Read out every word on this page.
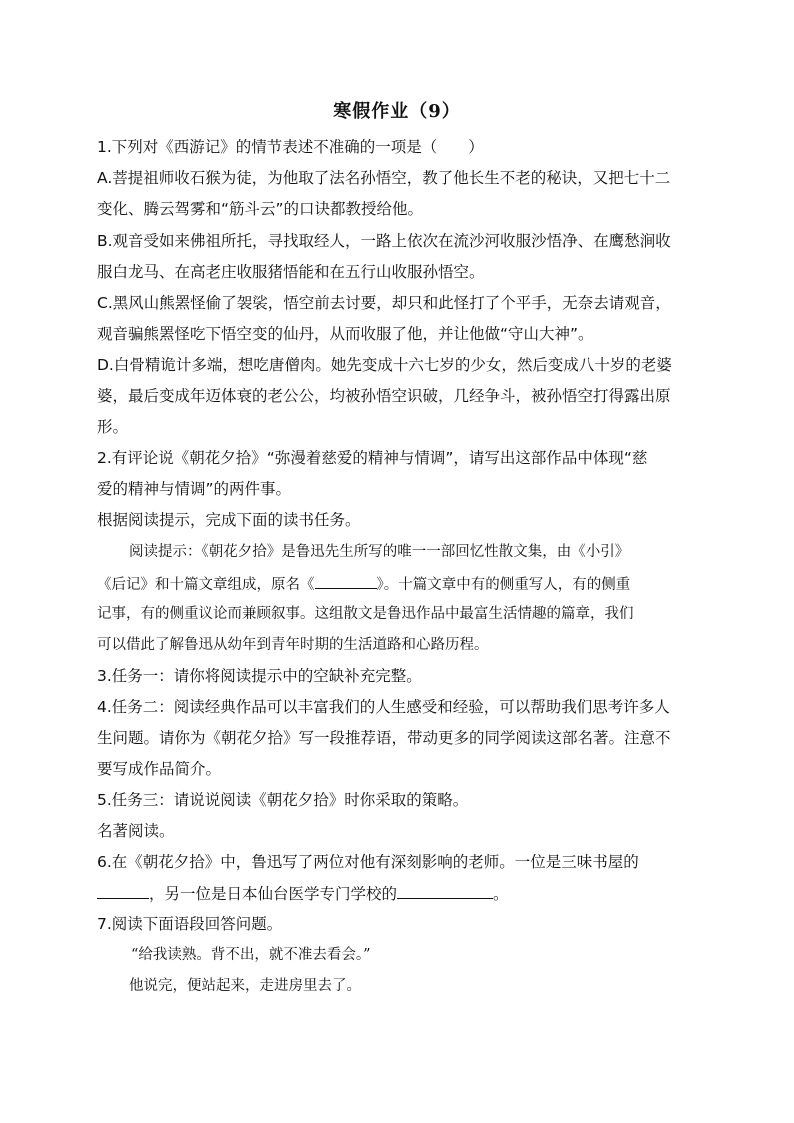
寒假作业（9）
1.下列对《西游记》的情节表述不准确的一项是（　　）
A.菩提祖师收石猴为徒，为他取了法名孙悟空，教了他长生不老的秘诀，又把七十二
变化、腾云驾雾和“筋斗云”的口诀都教授给他。
B.观音受如来佛祖所托，寻找取经人，一路上依次在流沙河收服沙悟净、在鹰愁涧收
服白龙马、在高老庄收服猪悟能和在五行山收服孙悟空。
C.黑风山熊罴怪偷了袈裟，悟空前去讨要，却只和此怪打了个平手，无奈去请观音，
观音骗熊罴怪吃下悟空变的仙丹，从而收服了他，并让他做“守山大神”。
D.白骨精诡计多端，想吃唐僧肉。她先变成十六七岁的少女，然后变成八十岁的老婆
婆，最后变成年迈体衰的老公公，均被孙悟空识破，几经争斗，被孙悟空打得露出原
形。
2.有评论说《朝花夕拾》“弥漫着慈爱的精神与情调”，请写出这部作品中体现“慈
爱的精神与情调”的两件事。
根据阅读提示，完成下面的读书任务。
阅读提示：《朝花夕拾》是鲁迅先生所写的唯一一部回忆性散文集，由《小引》
《后记》和十篇文章组成，原名《	》。十篇文章中有的侧重写人，有的侧重
记事，有的侧重议论而兼顾叙事。这组散文是鲁迅作品中最富生活情趣的篇章，我们
可以借此了解鲁迅从幼年到青年时期的生活道路和心路历程。
3.任务一：请你将阅读提示中的空缺补充完整。
4.任务二：阅读经典作品可以丰富我们的人生感受和经验，可以帮助我们思考许多人
生问题。请你为《朝花夕拾》写一段推荐语，带动更多的同学阅读这部名著。注意不
要写成作品简介。
5.任务三：请说说阅读《朝花夕拾》时你采取的策略。
名著阅读。
6.在《朝花夕拾》中，鲁迅写了两位对他有深刻影响的老师。一位是三味书屋的
，另一位是日本仙台医学专门学校的	。
7.阅读下面语段回答问题。
“给我读熟。背不出，就不准去看会。”
他说完，便站起来，走进房里去了。
